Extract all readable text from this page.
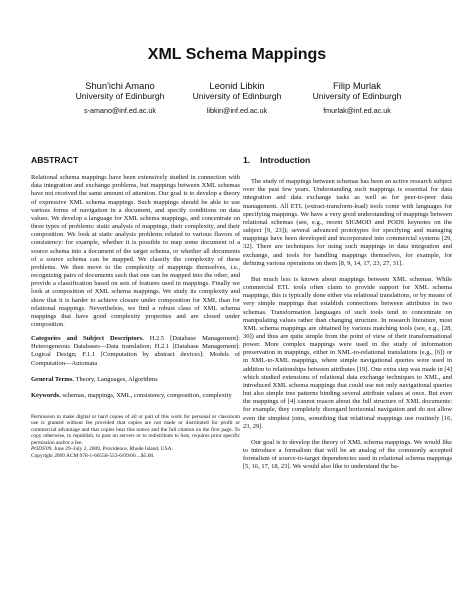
XML Schema Mappings
Shun'ichi Amano
University of Edinburgh
s-amano@inf.ed.ac.uk
Leonid Libkin
University of Edinburgh
libkin@inf.ed.ac.uk
Filip Murlak
University of Edinburgh
fmurlak@inf.ed.ac.uk
ABSTRACT

Relational schema mappings have been extensively studied in connection with data integration and exchange problems, but mappings between XML schemas have not received the same amount of attention. Our goal is to develop a theory of expressive XML schema mappings. Such mappings should be able to use various forms of navigation in a document, and specify conditions on data values. We develop a language for XML schema mappings, and concentrate on three types of problems: static analysis of mappings, their complexity, and their composition. We look at static analysis problems related to various flavors of consistency: for example, whether it is possible to map some document of a source schema into a document of the target schema, or whether all documents of a source schema can be mapped. We classify the complexity of these problems. We then move to the complexity of mappings themselves, i.e., recognizing pairs of documents such that one can be mapped into the other, and provide a classification based on sets of features used in mappings. Finally we look at composition of XML schema mappings. We study its complexity and show that it is harder to achieve closure under composition for XML than for relational mappings. Nevertheless, we find a robust class of XML schema mappings that have good complexity properties and are closed under composition.

Categories and Subject Descriptors. H.2.5 [Database Management]: Heterogeneous Databases—Data translation; H.2.1 [Database Management]: Logical Design; F.1.1 [Computation by abstract devices]: Models of Computation—Automata

General Terms. Theory, Languages, Algorithms

Keywords. schemas, mappings, XML, consistency, composition, complexity

Permission to make digital or hard copies of all or part of this work for personal or classroom use is granted without fee provided that copies are not made or distributed for profit or commercial advantage and that copies bear this notice and the full citation on the first page. To copy otherwise, to republish, to post on servers or to redistribute to lists, requires prior specific permission and/or a fee.

PODS'09, June 29–July 2, 2009, Providence, Rhode Island, USA.

Copyright 2009 ACM 978-1-60558-553-6/09/06 ...$5.00.

1. Introduction

The study of mappings between schemas has been an active research subject over the past few years. Understanding such mappings is essential for data integration and data exchange tasks as well as for peer-to-peer data management. All ETL (extract-transform-load) tools come with languages for specifying mappings. We have a very good understanding of mappings between relational schemas (see, e.g., recent SIGMOD and PODS keynotes on the subject [9, 23]); several advanced prototypes for specifying and managing mappings have been developed and incorporated into commercial systems [29, 32]. There are techniques for using such mappings in data integration and exchange, and tools for handling mappings themselves, for example, for defining various operations on them [8, 9, 14, 17, 23, 27, 31].

But much less is known about mappings between XML schemas. While commercial ETL tools often claim to provide support for XML schema mappings, this is typically done either via relational translations, or by means of very simple mappings that establish connections between attributes in two schemas. Transformation languages of such tools tend to concentrate on manipulating values rather than changing structure. In research literature, most XML schema mappings are obtained by various matching tools (see, e.g., [28, 30]) and thus are quite simple from the point of view of their transformational power. More complex mappings were used in the study of information preservation in mappings, either in XML-to-relational translations (e.g., [6]) or in XML-to-XML mappings, where simple navigational queries were used in addition to relationships between attributes [19]. One extra step was made in [4] which studied extensions of relational data exchange techniques to XML, and introduced XML schema mappings that could use not only navigational queries but also simple tree patterns binding several attribute values at once. But even the mappings of [4] cannot reason about the full structure of XML documents: for example, they completely disregard horizontal navigation and do not allow even the simplest joins, something that relational mappings use routinely [16, 23, 29].

Our goal is to develop the theory of XML schema mappings. We would like to introduce a formalism that will be an analog of the commonly accepted formalism of source-to-target dependencies used in relational schema mappings [5, 16, 17, 18, 23]. We would also like to understand the ba-
